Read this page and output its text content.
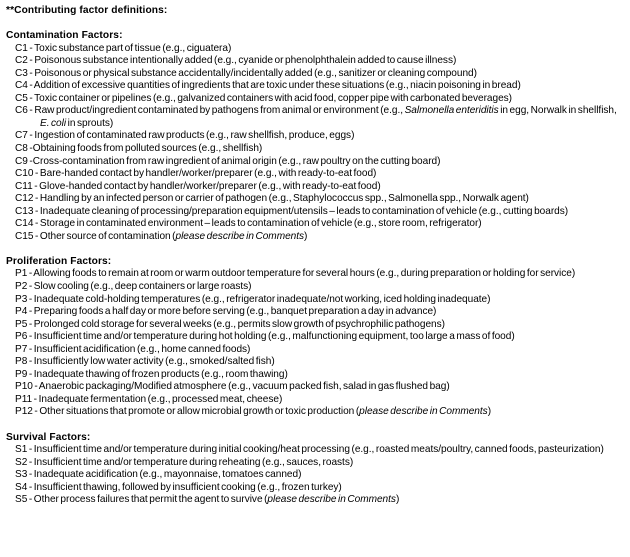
**Contributing factor definitions:
Contamination Factors:
C1 - Toxic substance part of tissue (e.g., ciguatera)
C2 - Poisonous substance intentionally added (e.g., cyanide or phenolphthalein added to cause illness)
C3 - Poisonous or physical substance accidentally/incidentally added (e.g., sanitizer or cleaning compound)
C4 - Addition of excessive quantities of ingredients that are toxic under these situations (e.g., niacin poisoning in bread)
C5 - Toxic container or pipelines (e.g., galvanized containers with acid food, copper pipe with carbonated beverages)
C6 - Raw product/ingredient contaminated by pathogens from animal or environment (e.g., Salmonella enteriditis in egg, Norwalk in shellfish, E. coli in sprouts)
C7 - Ingestion of contaminated raw products (e.g., raw shellfish, produce, eggs)
C8 -Obtaining foods from polluted sources (e.g., shellfish)
C9 -Cross-contamination from raw ingredient of animal origin (e.g., raw poultry on the cutting board)
C10 - Bare-handed contact by handler/worker/preparer (e.g., with ready-to-eat food)
C11 - Glove-handed contact by handler/worker/preparer (e.g., with ready-to-eat food)
C12 - Handling by an infected person or carrier of pathogen (e.g., Staphylococcus spp., Salmonella spp., Norwalk agent)
C13 - Inadequate cleaning of processing/preparation equipment/utensils – leads to contamination of vehicle (e.g., cutting boards)
C14 - Storage in contaminated environment – leads to contamination of vehicle (e.g., store room, refrigerator)
C15 - Other source of contamination (please describe in Comments)
Proliferation Factors:
P1 - Allowing foods to remain at room or warm outdoor temperature for several hours (e.g., during preparation or holding for service)
P2 - Slow cooling (e.g., deep containers or large roasts)
P3 - Inadequate cold-holding temperatures (e.g., refrigerator inadequate/not working, iced holding inadequate)
P4 - Preparing foods a half day or more before serving (e.g., banquet preparation a day in advance)
P5 - Prolonged cold storage for several weeks (e.g., permits slow growth of psychrophilic pathogens)
P6 - Insufficient time and/or temperature during hot holding (e.g., malfunctioning equipment, too large a mass of food)
P7 - Insufficient acidification (e.g., home canned foods)
P8 - Insufficiently low water activity (e.g., smoked/salted fish)
P9 - Inadequate thawing of frozen products (e.g., room thawing)
P10 - Anaerobic packaging/Modified atmosphere (e.g., vacuum packed fish, salad in gas flushed bag)
P11 - Inadequate fermentation (e.g., processed meat, cheese)
P12 - Other situations that promote or allow microbial growth or toxic production (please describe in Comments)
Survival Factors:
S1 - Insufficient time and/or temperature during initial cooking/heat processing (e.g., roasted meats/poultry, canned foods, pasteurization)
S2 - Insufficient time and/or temperature during reheating (e.g., sauces, roasts)
S3 - Inadequate acidification (e.g., mayonnaise, tomatoes canned)
S4 - Insufficient thawing, followed by insufficient cooking (e.g., frozen turkey)
S5 - Other process failures that permit the agent to survive (please describe in Comments)
